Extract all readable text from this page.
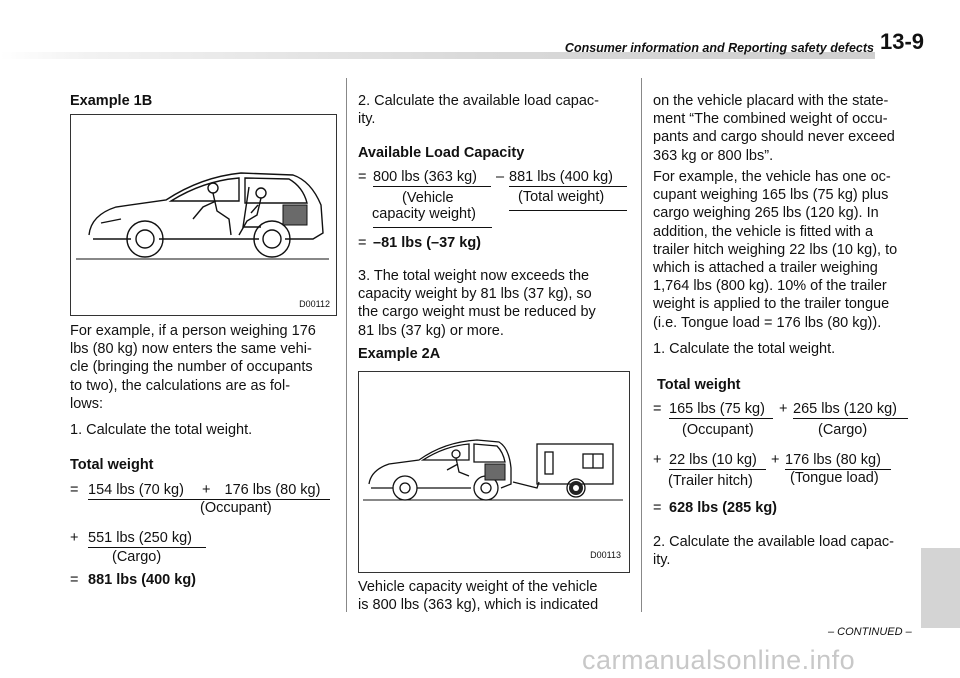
Consumer information and Reporting safety defects 13-9
Example 1B
D00112
For example, if a person weighing 176
lbs (80 kg) now enters the same vehi-
cle (bringing the number of occupants
to two), the calculations are as fol-
lows:
1. Calculate the total weight.
Total weight
= 154 lbs (70 kg) + 176 lbs (80 kg)
(Occupant)
+ 551 lbs (250 kg)
(Cargo)
= 881 lbs (400 kg)
2. Calculate the available load capac-
ity.
Available Load Capacity
= 800 lbs (363 kg)	– 881 lbs (400 kg)
(Vehicle
capacity weight)
(Total weight)
= –81 lbs (–37 kg)
3. The total weight now exceeds the
capacity weight by 81 lbs (37 kg), so
the cargo weight must be reduced by
81 lbs (37 kg) or more.
Example 2A
D00113
Vehicle capacity weight of the vehicle
is 800 lbs (363 kg), which is indicated
on the vehicle placard with the state-
ment “The combined weight of occu-
pants and cargo should never exceed
363 kg or 800 lbs”.
For example, the vehicle has one oc-
cupant weighing 165 lbs (75 kg) plus
cargo weighing 265 lbs (120 kg). In
addition, the vehicle is fitted with a
trailer hitch weighing 22 lbs (10 kg), to
which is attached a trailer weighing
1,764 lbs (800 kg). 10% of the trailer
weight is applied to the trailer tongue
(i.e. Tongue load = 176 lbs (80 kg)).
1. Calculate the total weight.
Total weight
= 165 lbs (75 kg) + 265 lbs (120 kg)
(Occupant)	(Cargo)
+ 22 lbs (10 kg) + 176 lbs (80 kg)
(Trailer hitch)	(Tongue load)
= 628 lbs (285 kg)
2. Calculate the available load capac-
ity.
– CONTINUED –
carmanualsonline.info
